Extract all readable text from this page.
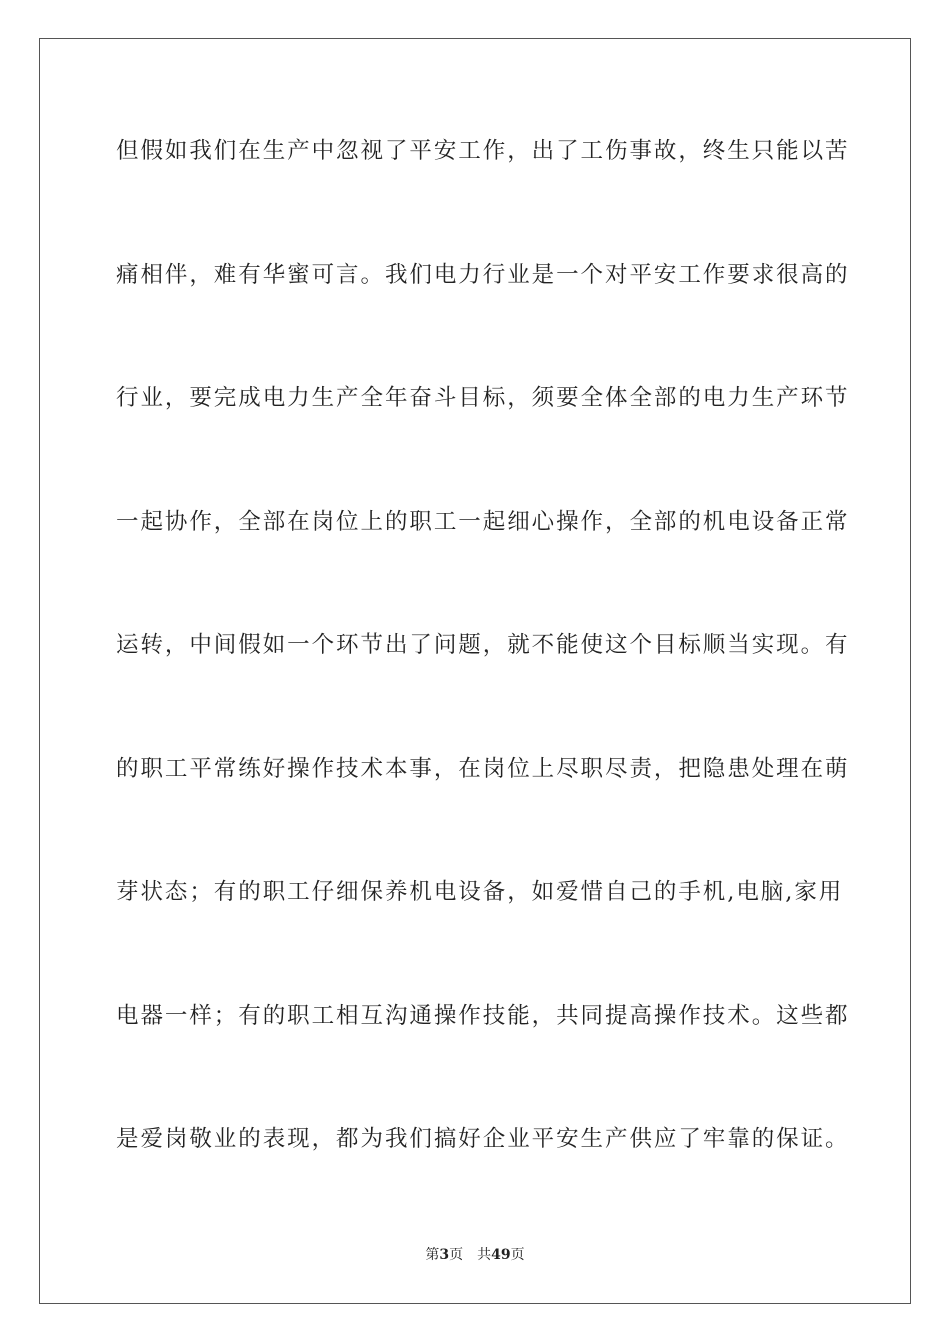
但假如我们在生产中忽视了平安工作，出了工伤事故，终生只能以苦
痛相伴，难有华蜜可言。我们电力行业是一个对平安工作要求很高的
行业，要完成电力生产全年奋斗目标，须要全体全部的电力生产环节
一起协作，全部在岗位上的职工一起细心操作，全部的机电设备正常
运转，中间假如一个环节出了问题，就不能使这个目标顺当实现。有
的职工平常练好操作技术本事，在岗位上尽职尽责，把隐患处理在萌
芽状态；有的职工仔细保养机电设备，如爱惜自己的手机,电脑,家用
电器一样；有的职工相互沟通操作技能，共同提高操作技术。这些都
是爱岗敬业的表现，都为我们搞好企业平安生产供应了牢靠的保证。
第3页 共49页
